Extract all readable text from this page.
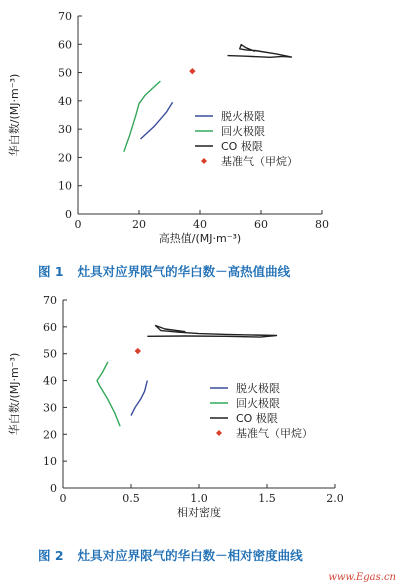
0
10
20
30
40
50
60
70
0	20	40	60	80
高热值/(MJ·m⁻³)
华白数/(MJ·m⁻³)	脱火极限
回火极限
CO 极限
基准气（甲烷）
0
10
20
30
40
50
60
70
0	0.5	1.0	1.5	2.0
相对密度
华白数/(MJ·m⁻³)	脱火极限
回火极限
CO 极限
基准气（甲烷）
图 1 灶具对应界限气的华白数－高热值曲线
图 2 灶具对应界限气的华白数－相对密度曲线
www.Egas.cn
